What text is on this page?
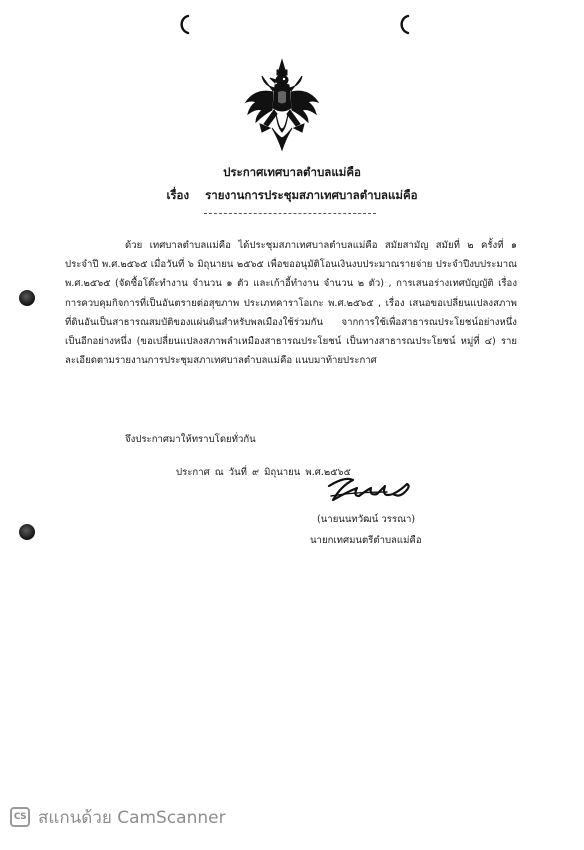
ประกาศเทศบาลตำบลแม่คือ
เรื่อง รายงานการประชุมสภาเทศบาลตำบลแม่คือ

ด้วย เทศบาลตำบลแม่คือ ได้ประชุมสภาเทศบาลตำบลแม่คือ สมัยสามัญ สมัยที่ ๒ ครั้งที่ ๑ ประจำปี พ.ศ.๒๕๖๕ เมื่อวันที่ ๖ มิถุนายน ๒๕๖๕ เพื่อขออนุมัติโอนเงินงบประมาณรายจ่าย ประจำปีงบประมาณ พ.ศ.๒๕๖๕ (จัดซื้อโต๊ะทำงาน จำนวน ๑ ตัว และเก้าอี้ทำงาน จำนวน ๒ ตัว) , การเสนอร่างเทศบัญญัติ เรื่อง การควบคุมกิจการที่เป็นอันตรายต่อสุขภาพ ประเภทคาราโอเกะ พ.ศ.๒๕๖๕ , เรื่อง เสนอขอเปลี่ยนแปลงสภาพที่ดินอันเป็นสาธารณสมบัติของแผ่นดินสำหรับพลเมืองใช้ร่วมกัน จากการใช้เพื่อสาธารณประโยชน์อย่างหนึ่งเป็นอีกอย่างหนึ่ง (ขอเปลี่ยนแปลงสภาพลำเหมืองสาธารณประโยชน์ เป็นทางสาธารณประโยชน์ หมู่ที่ ๔) รายละเอียดตามรายงานการประชุมสภาเทศบาลตำบลแม่คือ แนบมาท้ายประกาศ

จึงประกาศมาให้ทราบโดยทั่วกัน
ประกาศ ณ วันที่ ๙ มิถุนายน พ.ศ.๒๕๖๕
(นายนนทวัฒน์ วรรณา)
นายกเทศมนตรีตำบลแม่คือ
CS สแกนด้วย CamScanner
